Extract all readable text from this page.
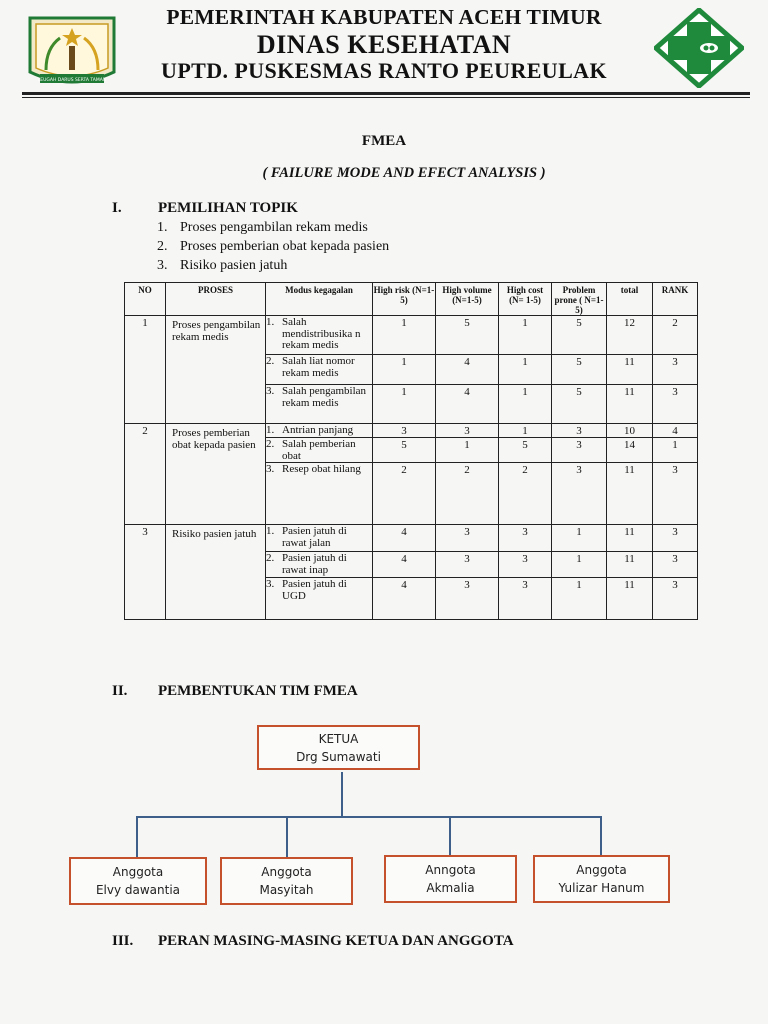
LEUGAH DARUS SERTA TAMAN
PEMERINTAH KABUPATEN ACEH TIMUR
DINAS KESEHATAN
UPTD. PUSKESMAS RANTO PEUREULAK
FMEA
( FAILURE MODE AND EFECT ANALYSIS )
I. PEMILIHAN TOPIK
1. Proses pengambilan rekam medis
2. Proses pemberian obat kepada pasien
3. Risiko pasien jatuh
NO	PROSES	Modus kegagalan	High risk (N=1-5)	High volume (N=1-5)	High cost (N= 1-5)	Problem prone ( N=1-5)	total	RANK
1	Proses pengambilan rekam medis	1. Salah mendistribusika n rekam medis	1	5	1	5	12	2

		2. Salah liat nomor rekam medis	1	4	1	5	11	3

		3. Salah pengambilan rekam medis	1	4	1	5	11	3
2	Proses pemberian obat kepada pasien	1. Antrian panjang	3	3	1	3	10	4

		2. Salah pemberian obat	5	1	5	3	14	1

		3. Resep obat hilang	2	2	2	3	11	3
3	Risiko pasien jatuh	1. Pasien jatuh di rawat jalan	4	3	3	1	11	3

		2. Pasien jatuh di rawat inap	4	3	3	1	11	3

		3. Pasien jatuh di UGD	4	3	3	1	11	3
II. PEMBENTUKAN TIM FMEA
KETUA
Drg Sumawati
Anggota
Elvy dawantia
Anggota
Masyitah
Anngota
Akmalia
Anggota
Yulizar Hanum
III. PERAN MASING-MASING KETUA DAN ANGGOTA
